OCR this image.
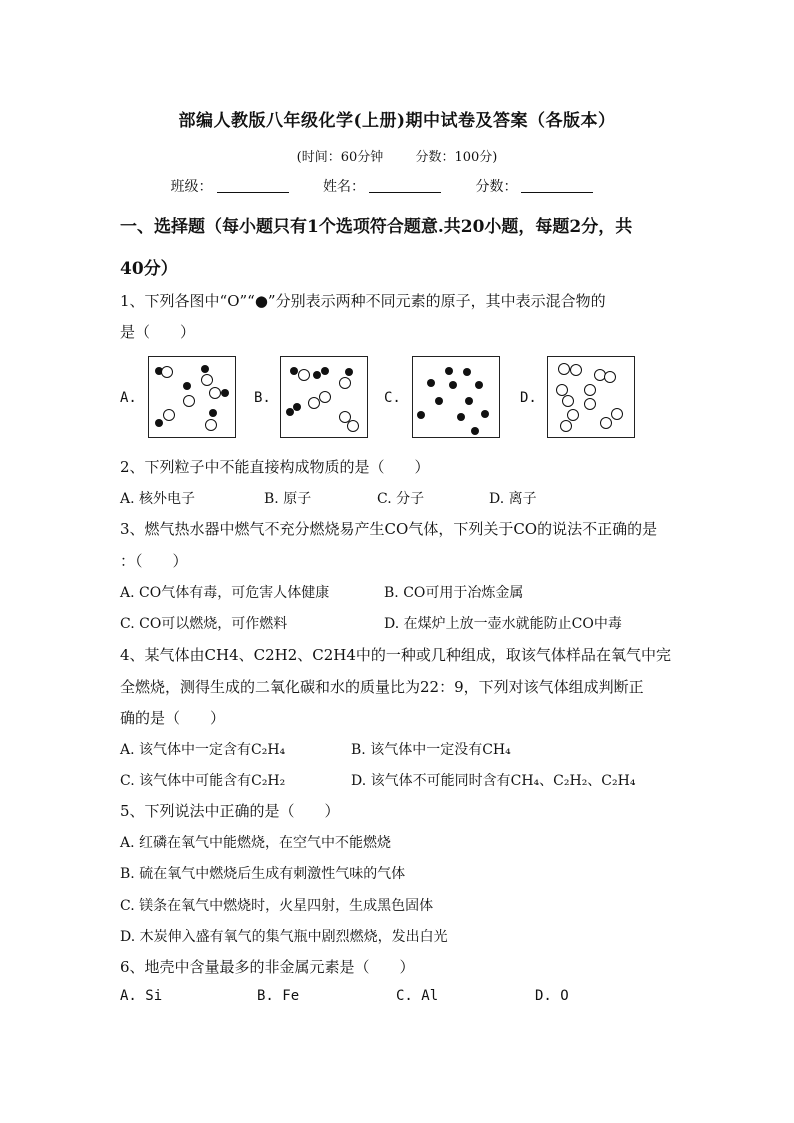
部编人教版八年级化学(上册)期中试卷及答案（各版本）
(时间：60分钟 分数：100分)
班级：	姓名：	分数：
一、选择题（每小题只有1个选项符合题意.共20小题，每题2分，共
40分）
1、下列各图中“O”“●”分别表示两种不同元素的原子，其中表示混合物的
是（　　）
A.	B.	C.	D.
2、下列粒子中不能直接构成物质的是（　　）
A. 核外电子	B. 原子	C. 分子	D. 离子
3、燃气热水器中燃气不充分燃烧易产生CO气体，下列关于CO的说法不正确的是
：（　　）
A. CO气体有毒，可危害人体健康	B. CO可用于冶炼金属
C. CO可以燃烧，可作燃料	D. 在煤炉上放一壶水就能防止CO中毒
4、某气体由CH4、C2H2、C2H4中的一种或几种组成，取该气体样品在氧气中完
全燃烧，测得生成的二氧化碳和水的质量比为22：9，下列对该气体组成判断正
确的是（　　）
A. 该气体中一定含有C₂H₄	B. 该气体中一定没有CH₄
C. 该气体中可能含有C₂H₂	D. 该气体不可能同时含有CH₄、C₂H₂、C₂H₄
5、下列说法中正确的是（　　）
A. 红磷在氧气中能燃烧，在空气中不能燃烧
B. 硫在氧气中燃烧后生成有刺激性气味的气体
C. 镁条在氧气中燃烧时，火星四射，生成黑色固体
D. 木炭伸入盛有氧气的集气瓶中剧烈燃烧，发出白光
6、地壳中含量最多的非金属元素是（　　）
A. Si	B. Fe	C. Al	D. O
